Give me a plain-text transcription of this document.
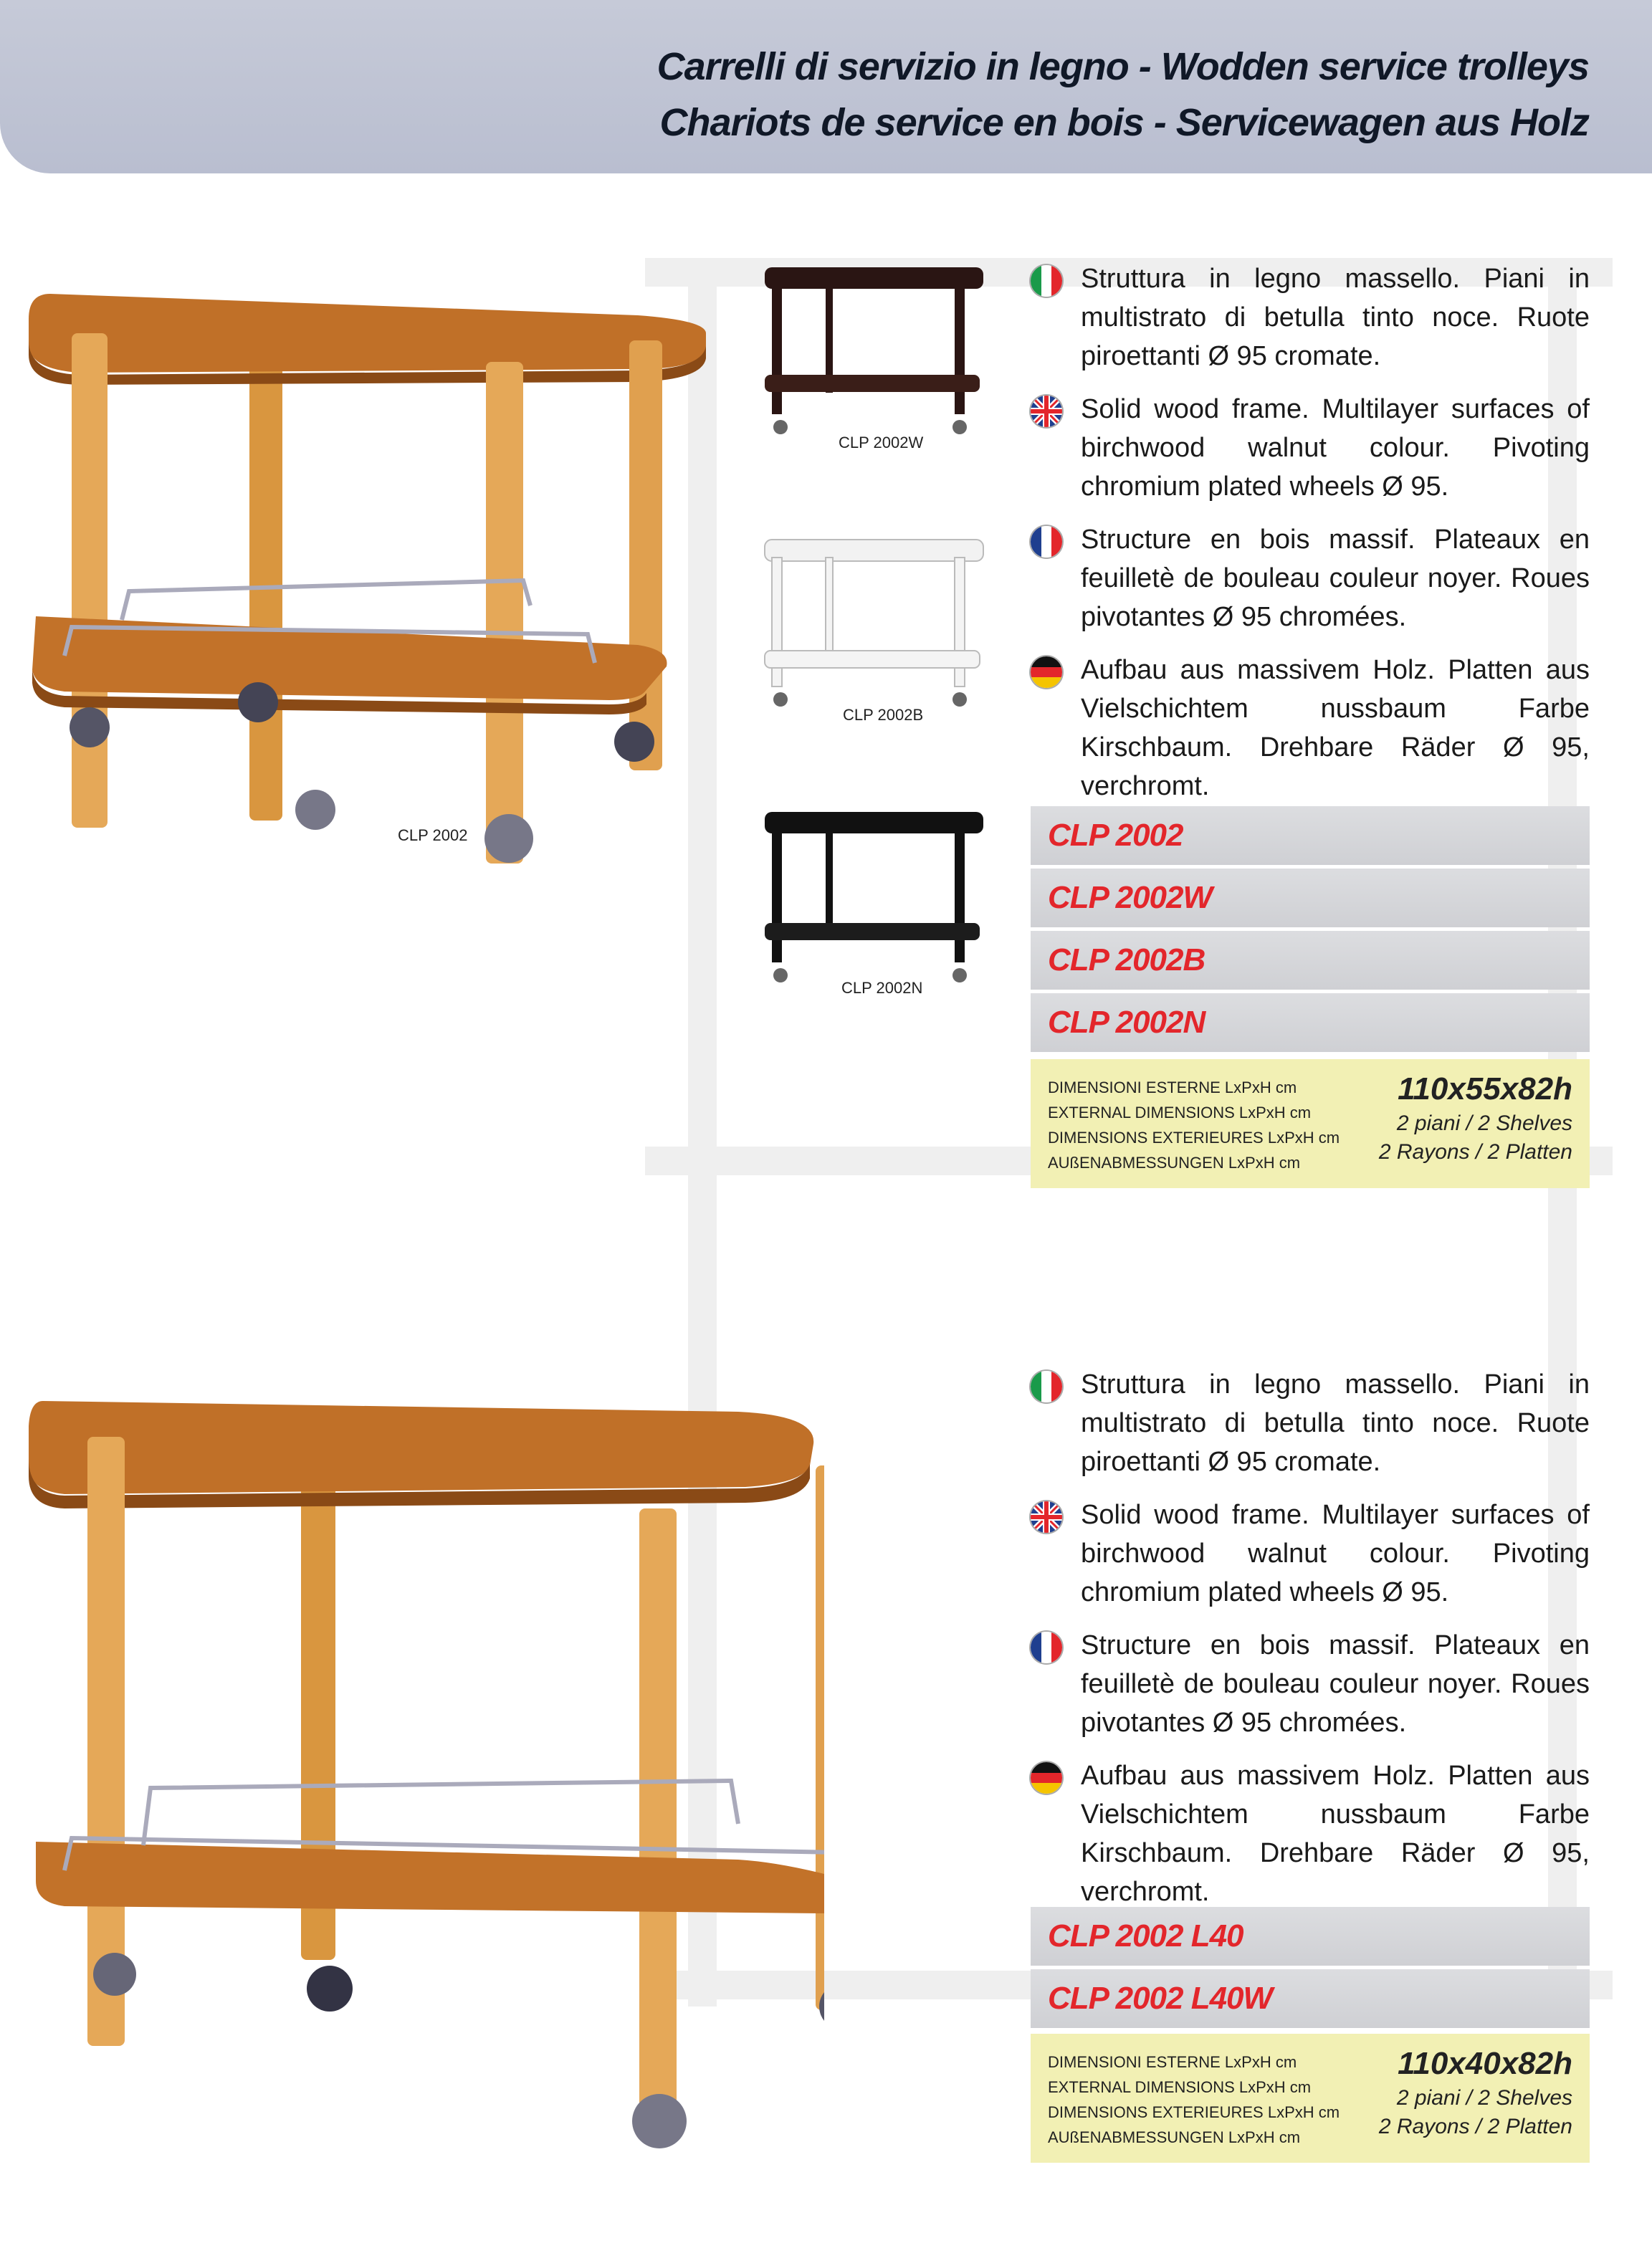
Carrelli di servizio in legno - Wodden service trolleys
Chariots de service en bois - Servicewagen aus Holz
CLP 2002
CLP 2002W
CLP 2002B
CLP 2002N
Struttura in legno massello. Piani in multistrato di betulla tinto noce. Ruote piroettanti Ø 95 cromate.
Solid wood frame. Multilayer surfaces of birchwood walnut colour. Pivoting chromium plated wheels Ø 95.
Structure en bois massif. Plateaux en feuilletè de bouleau couleur noyer. Roues pivotantes Ø 95 chromées.
Aufbau aus massivem Holz. Platten aus Vielschichtem nussbaum Farbe Kirschbaum. Drehbare Räder Ø 95, verchromt.
CLP 2002
CLP 2002W
CLP 2002B
CLP 2002N
DIMENSIONI ESTERNE LxPxH cm
EXTERNAL DIMENSIONS LxPxH cm
DIMENSIONS EXTERIEURES LxPxH cm
AUßENABMESSUNGEN LxPxH cm
110x55x82h
2 piani / 2 Shelves
2 Rayons / 2 Platten
Struttura in legno massello. Piani in multistrato di betulla tinto noce. Ruote piroettanti Ø 95 cromate.
Solid wood frame. Multilayer surfaces of birchwood walnut colour. Pivoting chromium plated wheels Ø 95.
Structure en bois massif. Plateaux en feuilletè de bouleau couleur noyer. Roues pivotantes Ø 95 chromées.
Aufbau aus massivem Holz. Platten aus Vielschichtem nussbaum Farbe Kirschbaum. Drehbare Räder Ø 95, verchromt.
CLP 2002 L40
CLP 2002 L40W
DIMENSIONI ESTERNE LxPxH cm
EXTERNAL DIMENSIONS LxPxH cm
DIMENSIONS EXTERIEURES LxPxH cm
AUßENABMESSUNGEN LxPxH cm
110x40x82h
2 piani / 2 Shelves
2 Rayons / 2 Platten
